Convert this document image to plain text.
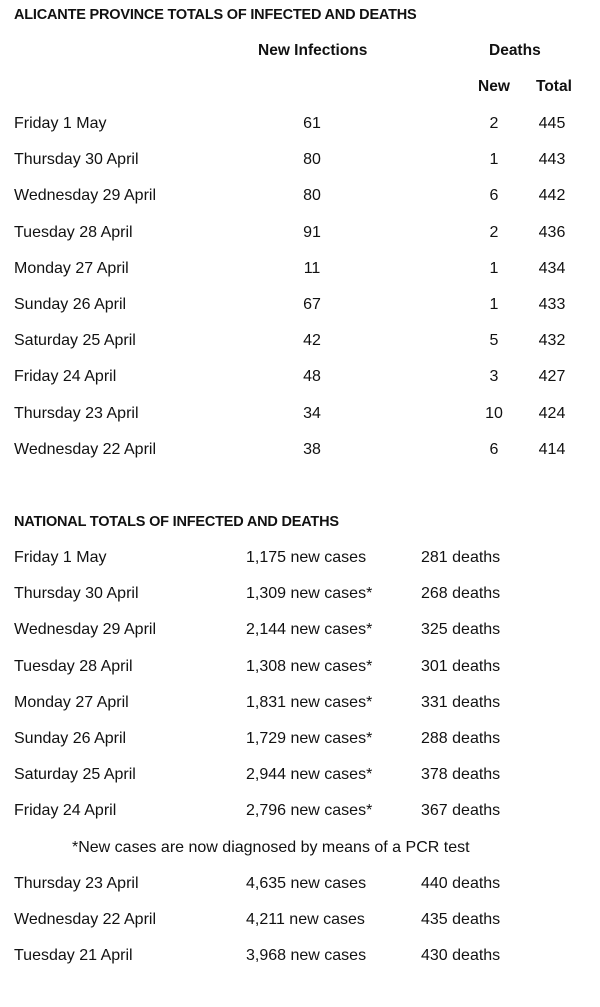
ALICANTE PROVINCE TOTALS OF INFECTED AND DEATHS
New Infections	Deaths
New Total
Friday 1 May	61	2	445
Thursday 30 April	80	1	443
Wednesday 29 April	80	6	442
Tuesday 28 April	91	2	436
Monday 27 April	11	1	434
Sunday 26 April	67	1	433
Saturday 25 April	42	5	432
Friday 24 April	48	3	427
Thursday 23 April	34	10	424
Wednesday 22 April	38	6	414
NATIONAL TOTALS OF INFECTED AND DEATHS
Friday 1 May	1,175 new cases	281 deaths
Thursday 30 April	1,309 new cases*	268 deaths
Wednesday 29 April	2,144 new cases*	325 deaths
Tuesday 28 April	1,308 new cases*	301 deaths
Monday 27 April	1,831 new cases*	331 deaths
Sunday 26 April	1,729 new cases*	288 deaths
Saturday 25 April	2,944 new cases*	378 deaths
Friday 24 April	2,796 new cases*	367 deaths
*New cases are now diagnosed by means of a PCR test
Thursday 23 April	4,635 new cases	440 deaths
Wednesday 22 April	4,211 new cases	435 deaths
Tuesday 21 April	3,968 new cases	430 deaths
